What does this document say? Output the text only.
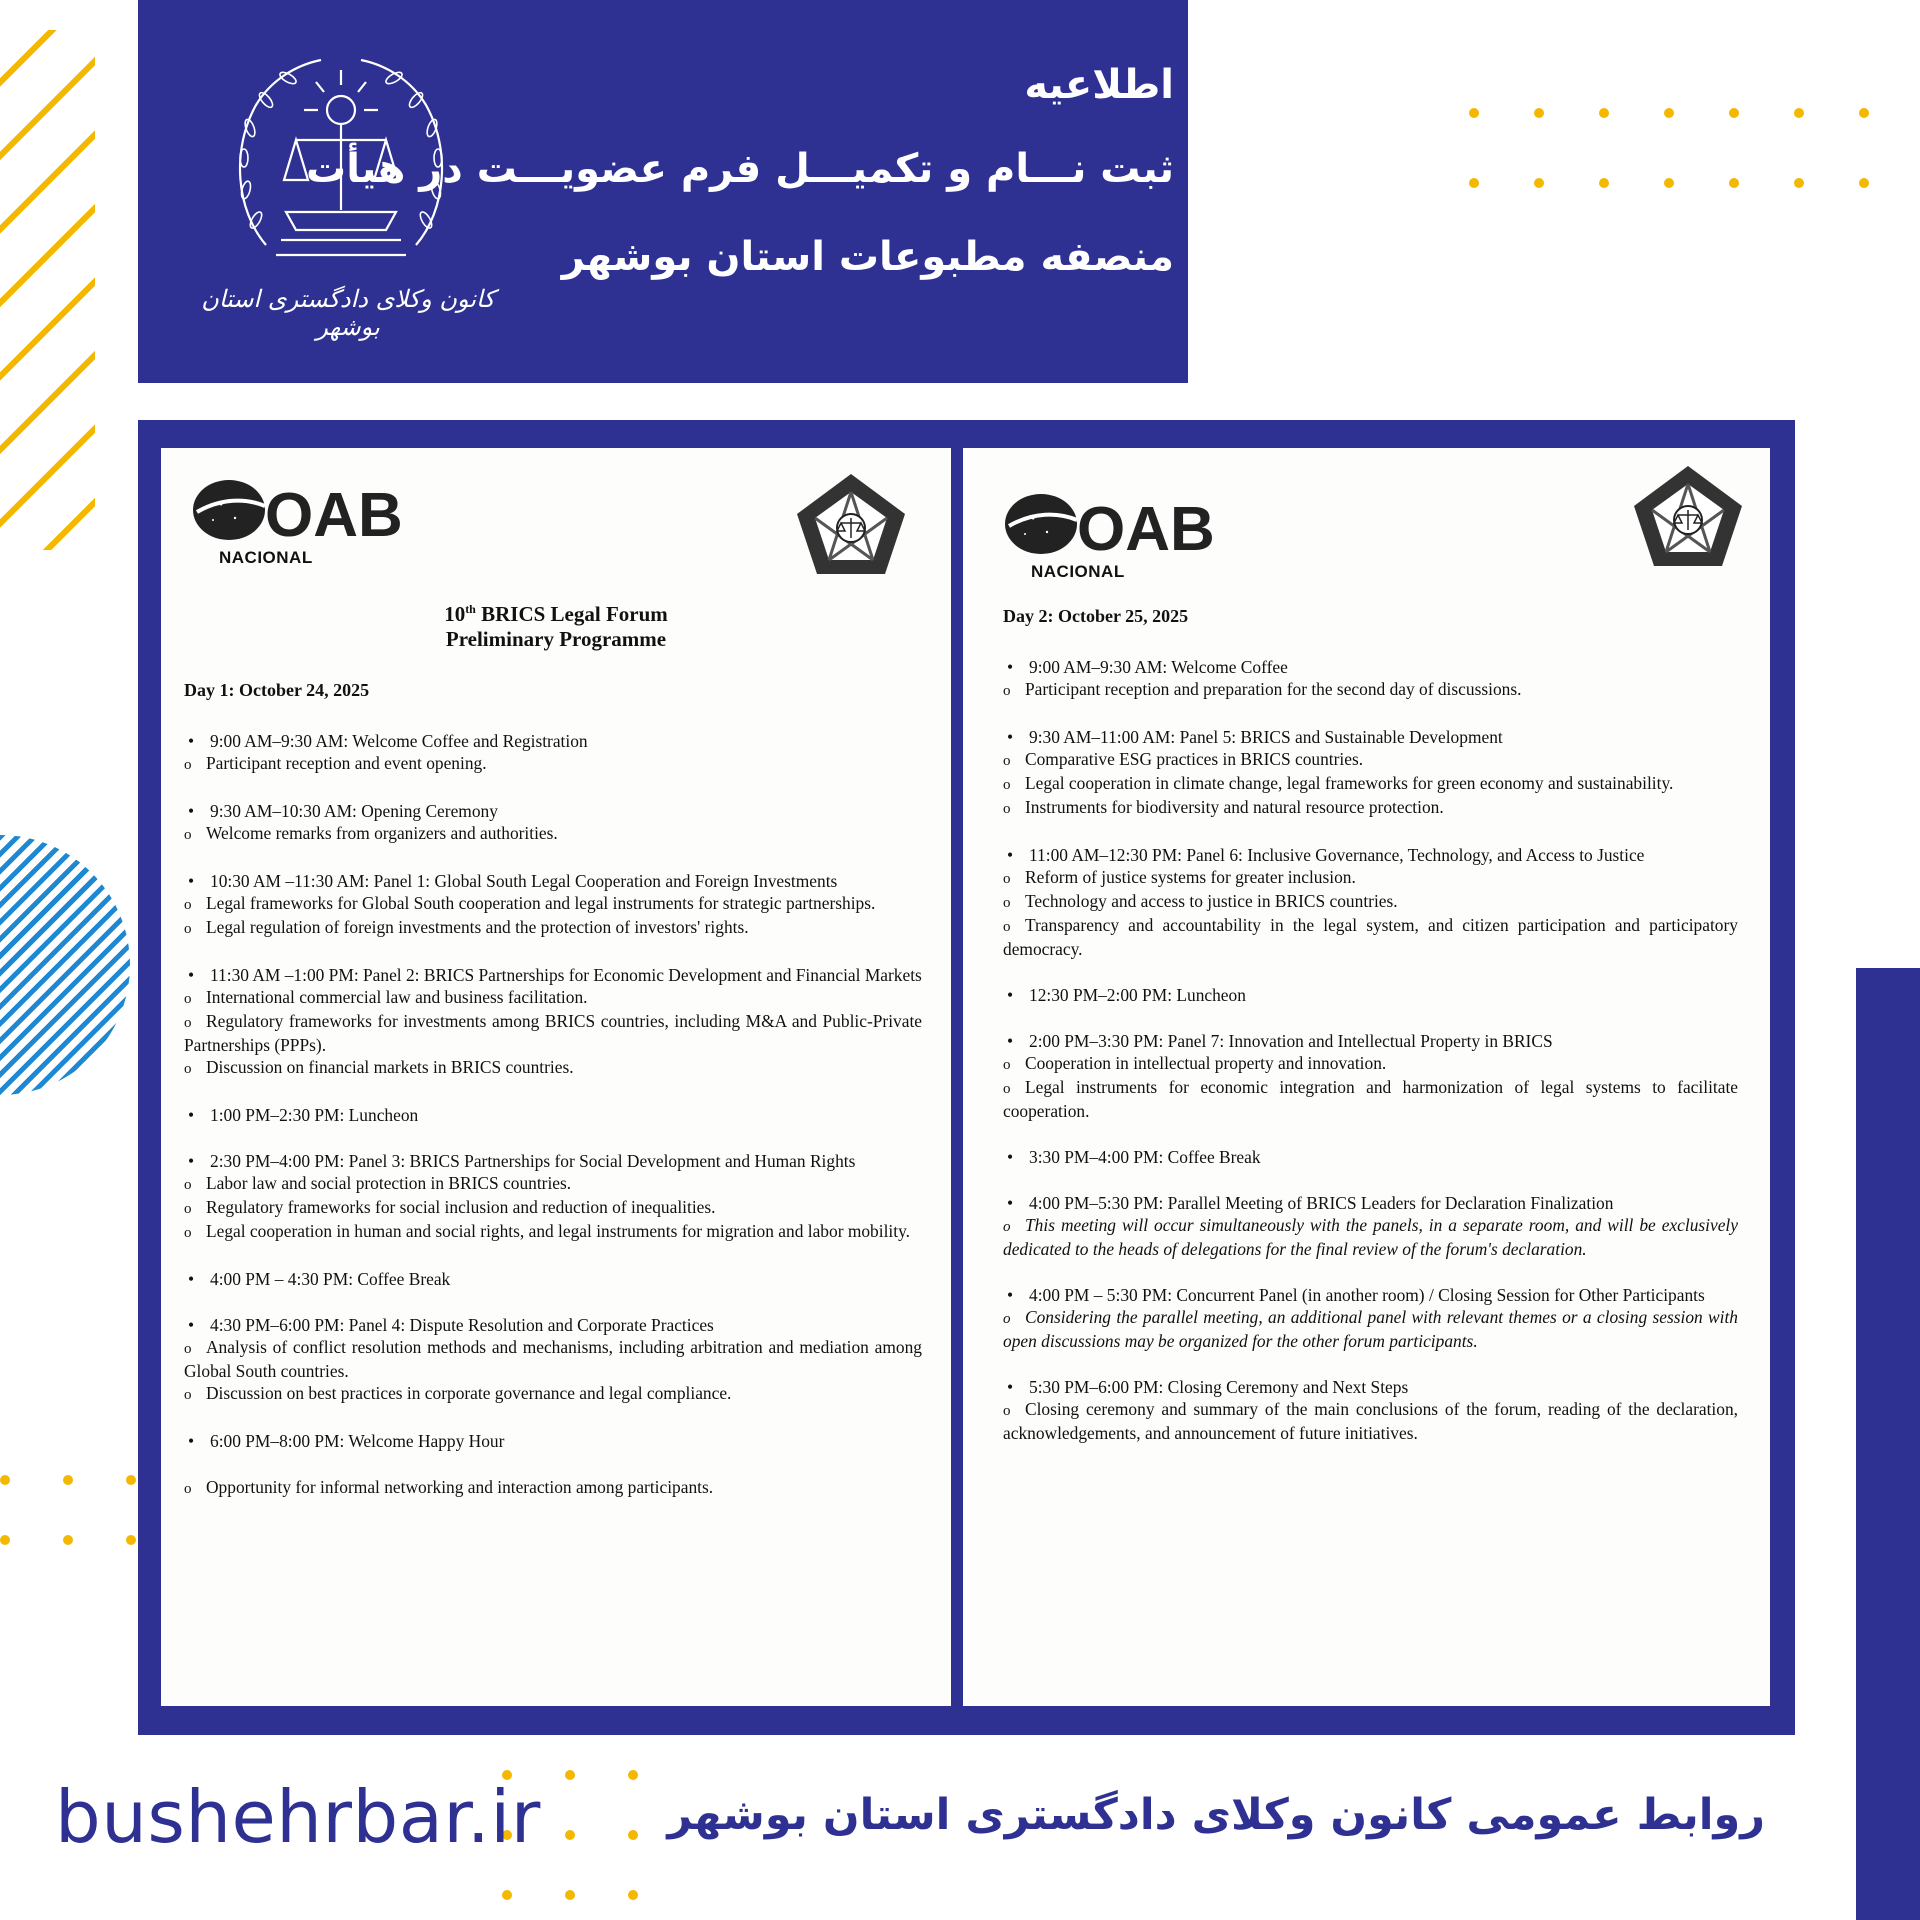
کانون وکلای دادگستری استان بوشهر
اطلاعیه
ثبت نـــام و تکمیـــل فرم عضویـــت در هیأت
منصفه مطبوعات استان بوشهر
OAB
NACIONAL
10th BRICS Legal Forum
Preliminary Programme
Day 1: October 24, 2025
• 9:00 AM–9:30 AM: Welcome Coffee and Registration
o Participant reception and event opening.
• 9:30 AM–10:30 AM: Opening Ceremony
o Welcome remarks from organizers and authorities.
• 10:30 AM –11:30 AM: Panel 1: Global South Legal Cooperation and Foreign Investments
o Legal frameworks for Global South cooperation and legal instruments for strategic partnerships.
o Legal regulation of foreign investments and the protection of investors' rights.
• 11:30 AM –1:00 PM: Panel 2: BRICS Partnerships for Economic Development and Financial Markets
o International commercial law and business facilitation.
o Regulatory frameworks for investments among BRICS countries, including M&A and Public-Private Partnerships (PPPs).
o Discussion on financial markets in BRICS countries.
• 1:00 PM–2:30 PM: Luncheon
• 2:30 PM–4:00 PM: Panel 3: BRICS Partnerships for Social Development and Human Rights
o Labor law and social protection in BRICS countries.
o Regulatory frameworks for social inclusion and reduction of inequalities.
o Legal cooperation in human and social rights, and legal instruments for migration and labor mobility.
• 4:00 PM – 4:30 PM: Coffee Break
• 4:30 PM–6:00 PM: Panel 4: Dispute Resolution and Corporate Practices
o Analysis of conflict resolution methods and mechanisms, including arbitration and mediation among Global South countries.
o Discussion on best practices in corporate governance and legal compliance.
• 6:00 PM–8:00 PM: Welcome Happy Hour
o Opportunity for informal networking and interaction among participants.
OAB
NACIONAL
Day 2: October 25, 2025
• 9:00 AM–9:30 AM: Welcome Coffee
o Participant reception and preparation for the second day of discussions.
• 9:30 AM–11:00 AM: Panel 5: BRICS and Sustainable Development
o Comparative ESG practices in BRICS countries.
o Legal cooperation in climate change, legal frameworks for green economy and sustainability.
o Instruments for biodiversity and natural resource protection.
• 11:00 AM–12:30 PM: Panel 6: Inclusive Governance, Technology, and Access to Justice
o Reform of justice systems for greater inclusion.
o Technology and access to justice in BRICS countries.
o Transparency and accountability in the legal system, and citizen participation and participatory democracy.
• 12:30 PM–2:00 PM: Luncheon
• 2:00 PM–3:30 PM: Panel 7: Innovation and Intellectual Property in BRICS
o Cooperation in intellectual property and innovation.
o Legal instruments for economic integration and harmonization of legal systems to facilitate cooperation.
• 3:30 PM–4:00 PM: Coffee Break
• 4:00 PM–5:30 PM: Parallel Meeting of BRICS Leaders for Declaration Finalization
o This meeting will occur simultaneously with the panels, in a separate room, and will be exclusively dedicated to the heads of delegations for the final review of the forum's declaration.
• 4:00 PM – 5:30 PM: Concurrent Panel (in another room) / Closing Session for Other Participants
o Considering the parallel meeting, an additional panel with relevant themes or a closing session with open discussions may be organized for the other forum participants.
• 5:30 PM–6:00 PM: Closing Ceremony and Next Steps
o Closing ceremony and summary of the main conclusions of the forum, reading of the declaration, acknowledgements, and announcement of future initiatives.
bushehrbar.ir	روابط عمومی کانون وکلای دادگستری استان بوشهر
